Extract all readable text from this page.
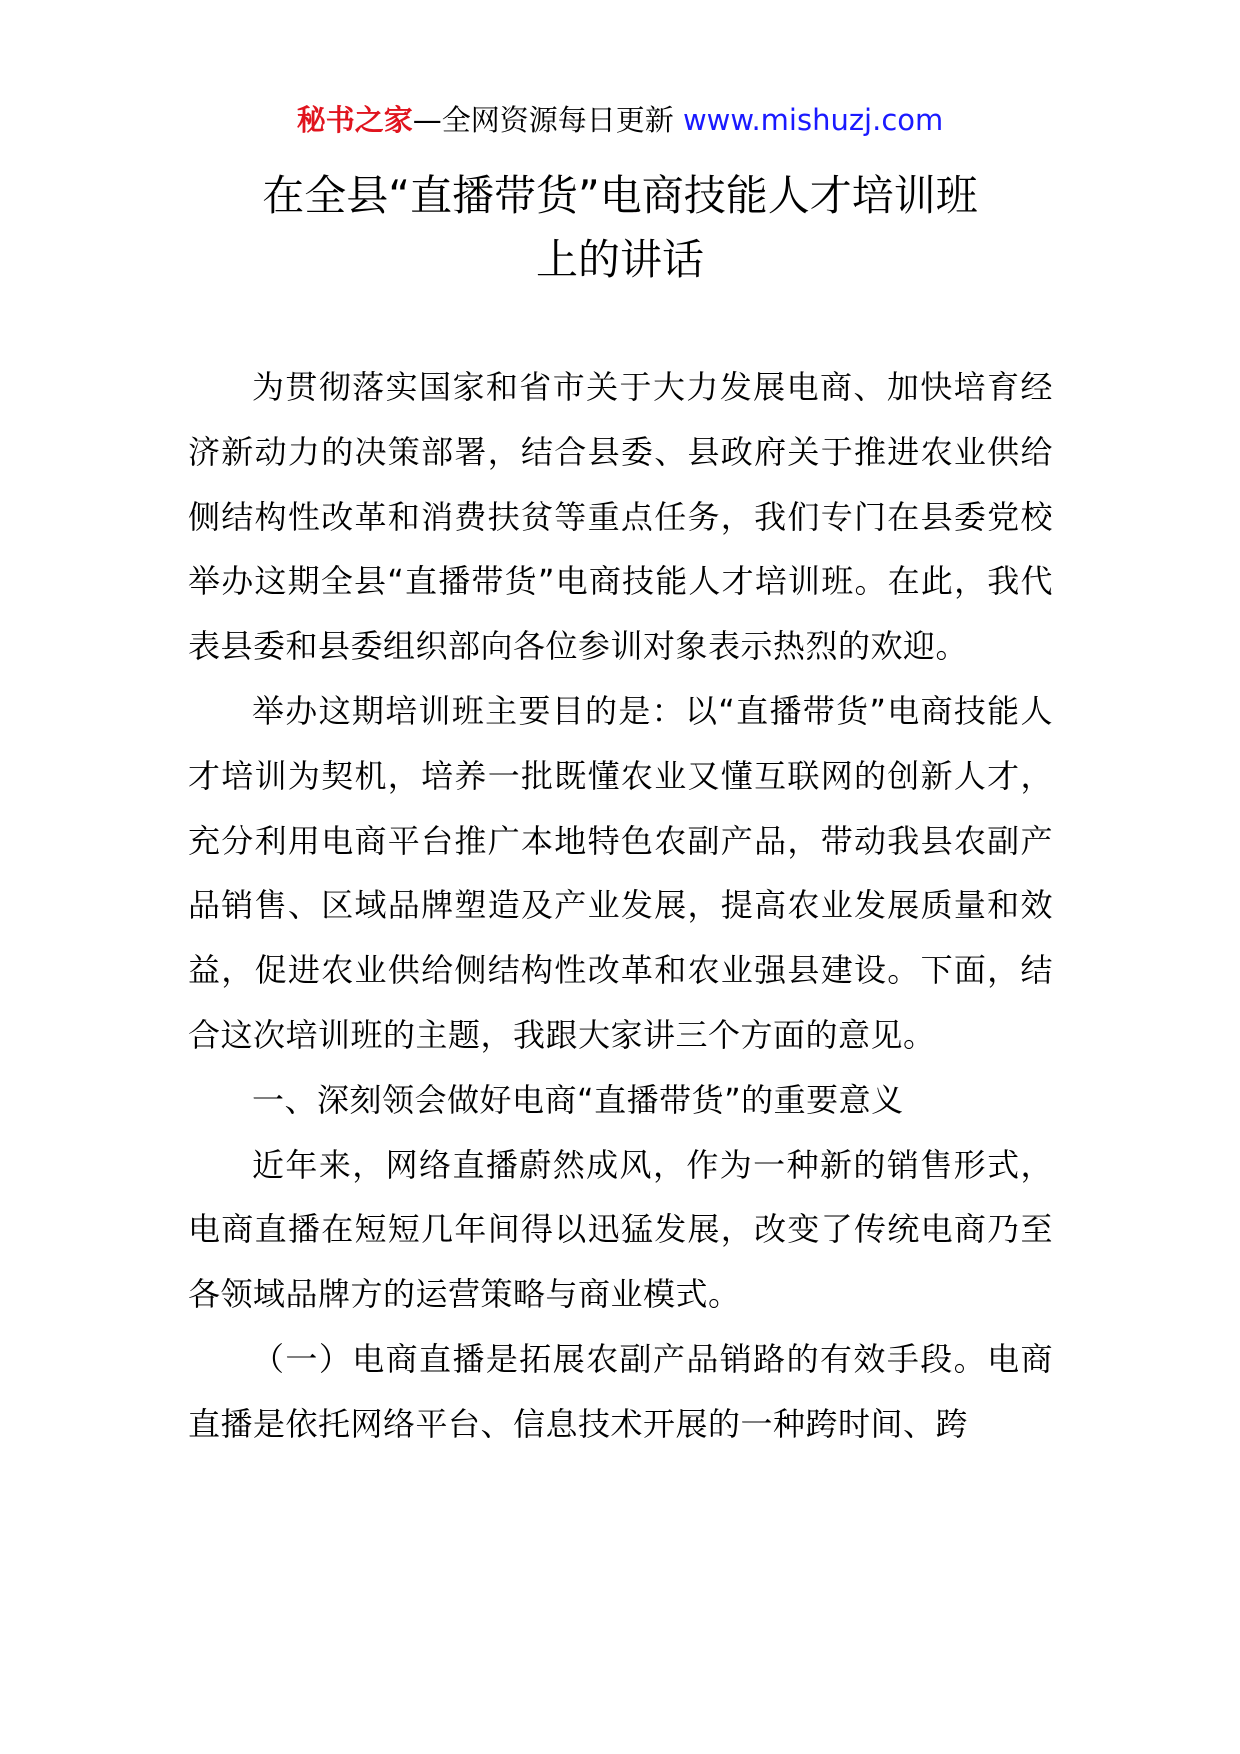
秘书之家—全网资源每日更新 www.mishuzj.com
在全县“直播带货”电商技能人才培训班
上的讲话

为贯彻落实国家和省市关于大力发展电商、加快培育经济新动力的决策部署，结合县委、县政府关于推进农业供给侧结构性改革和消费扶贫等重点任务，我们专门在县委党校举办这期全县“直播带货”电商技能人才培训班。在此，我代表县委和县委组织部向各位参训对象表示热烈的欢迎。

举办这期培训班主要目的是：以“直播带货”电商技能人才培训为契机，培养一批既懂农业又懂互联网的创新人才，充分利用电商平台推广本地特色农副产品，带动我县农副产品销售、区域品牌塑造及产业发展，提高农业发展质量和效益，促进农业供给侧结构性改革和农业强县建设。下面，结合这次培训班的主题，我跟大家讲三个方面的意见。

一、深刻领会做好电商“直播带货”的重要意义

近年来，网络直播蔚然成风，作为一种新的销售形式，电商直播在短短几年间得以迅猛发展，改变了传统电商乃至各领域品牌方的运营策略与商业模式。

（一）电商直播是拓展农副产品销路的有效手段。电商直播是依托网络平台、信息技术开展的一种跨时间、跨
